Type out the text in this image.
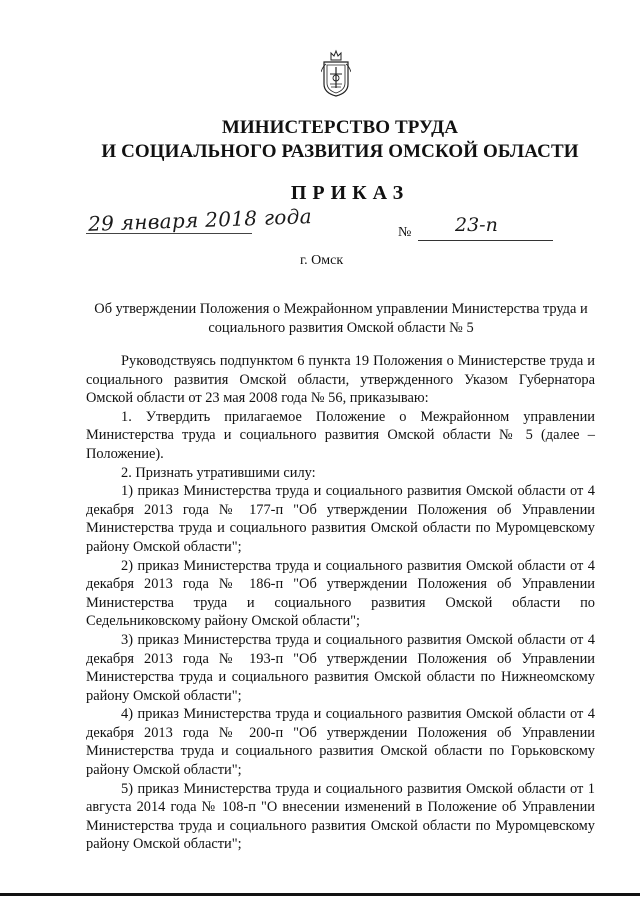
МИНИСТЕРСТВО ТРУДА
И СОЦИАЛЬНОГО РАЗВИТИЯ ОМСКОЙ ОБЛАСТИ
ПРИКАЗ
29 января 2018 года	№ 23-п
г. Омск
Об утверждении Положения о Межрайонном управлении Министерства труда и социального развития Омской области № 5

Руководствуясь подпунктом 6 пункта 19 Положения о Министерстве труда и социального развития Омской области, утвержденного Указом Губернатора Омской области от 23 мая 2008 года № 56, приказываю:

1. Утвердить прилагаемое Положение о Межрайонном управлении Министерства труда и социального развития Омской области № 5 (далее – Положение).

2. Признать утратившими силу:

1) приказ Министерства труда и социального развития Омской области от 4 декабря 2013 года № 177-п "Об утверждении Положения об Управлении Министерства труда и социального развития Омской области по Муромцевскому району Омской области";

2) приказ Министерства труда и социального развития Омской области от 4 декабря 2013 года № 186-п "Об утверждении Положения об Управлении Министерства труда и социального развития Омской области по Седельниковскому району Омской области";

3) приказ Министерства труда и социального развития Омской области от 4 декабря 2013 года № 193-п "Об утверждении Положения об Управлении Министерства труда и социального развития Омской области по Нижнеомскому району Омской области";

4) приказ Министерства труда и социального развития Омской области от 4 декабря 2013 года № 200-п "Об утверждении Положения об Управлении Министерства труда и социального развития Омской области по Горьковскому району Омской области";

5) приказ Министерства труда и социального развития Омской области от 1 августа 2014 года № 108-п "О внесении изменений в Положение об Управлении Министерства труда и социального развития Омской области по Муромцевскому району Омской области";
